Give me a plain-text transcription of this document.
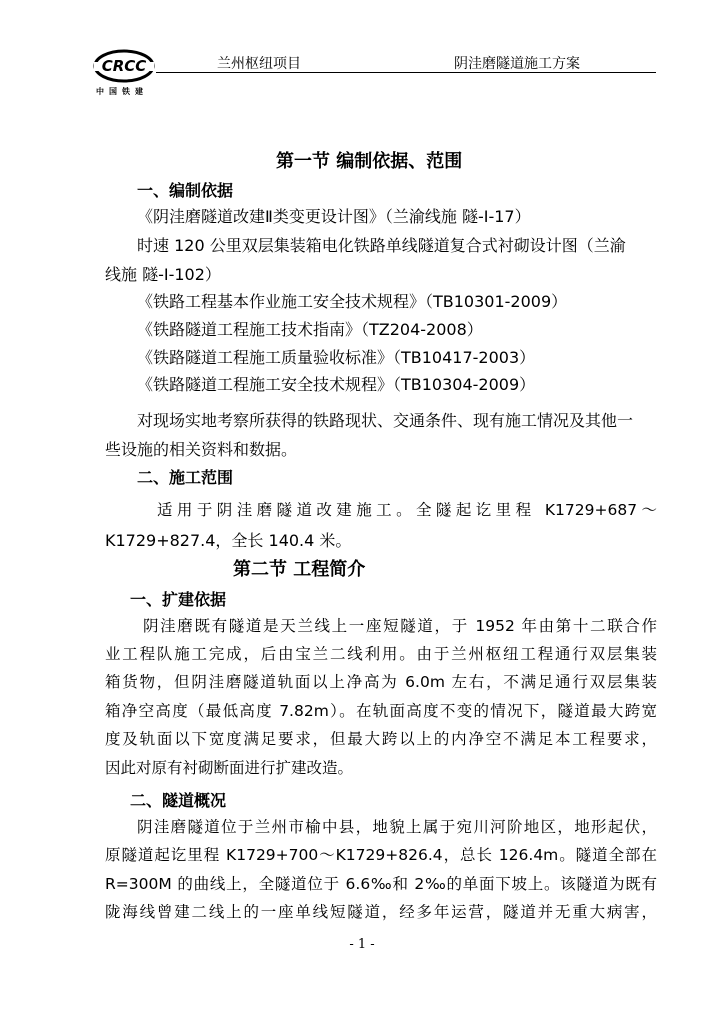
CRCC
中国铁建
兰州枢纽项目	阴洼磨隧道施工方案
第一节 编制依据、范围
一、编制依据
《阴洼磨隧道改建Ⅱ类变更设计图》（兰渝线施 隧-Ⅰ-17）
时速 120 公里双层集装箱电化铁路单线隧道复合式衬砌设计图（兰渝
线施 隧-Ⅰ-102）
《铁路工程基本作业施工安全技术规程》（TB10301-2009）
《铁路隧道工程施工技术指南》（TZ204-2008）
《铁路隧道工程施工质量验收标准》（TB10417-2003）
《铁路隧道工程施工安全技术规程》（TB10304-2009）
对现场实地考察所获得的铁路现状、交通条件、现有施工情况及其他一
些设施的相关资料和数据。
二、施工范围
适用于阴洼磨隧道改建施工。全隧起讫里程 K1729+687～
K1729+827.4，全长 140.4 米。
第二节 工程简介
一、扩建依据
阴洼磨既有隧道是天兰线上一座短隧道，于 1952 年由第十二联合作
业工程队施工完成，后由宝兰二线利用。由于兰州枢纽工程通行双层集装
箱货物，但阴洼磨隧道轨面以上净高为 6.0m 左右，不满足通行双层集装
箱净空高度（最低高度 7.82m）。在轨面高度不变的情况下，隧道最大跨宽
度及轨面以下宽度满足要求，但最大跨以上的内净空不满足本工程要求，
因此对原有衬砌断面进行扩建改造。
二、隧道概况
阴洼磨隧道位于兰州市榆中县，地貌上属于宛川河阶地区，地形起伏，
原隧道起讫里程 K1729+700～K1729+826.4，总长 126.4m。隧道全部在
R=300M 的曲线上，全隧道位于 6.6‰和 2‰的单面下坡上。该隧道为既有
陇海线曾建二线上的一座单线短隧道，经多年运营，隧道并无重大病害，
- 1 -
